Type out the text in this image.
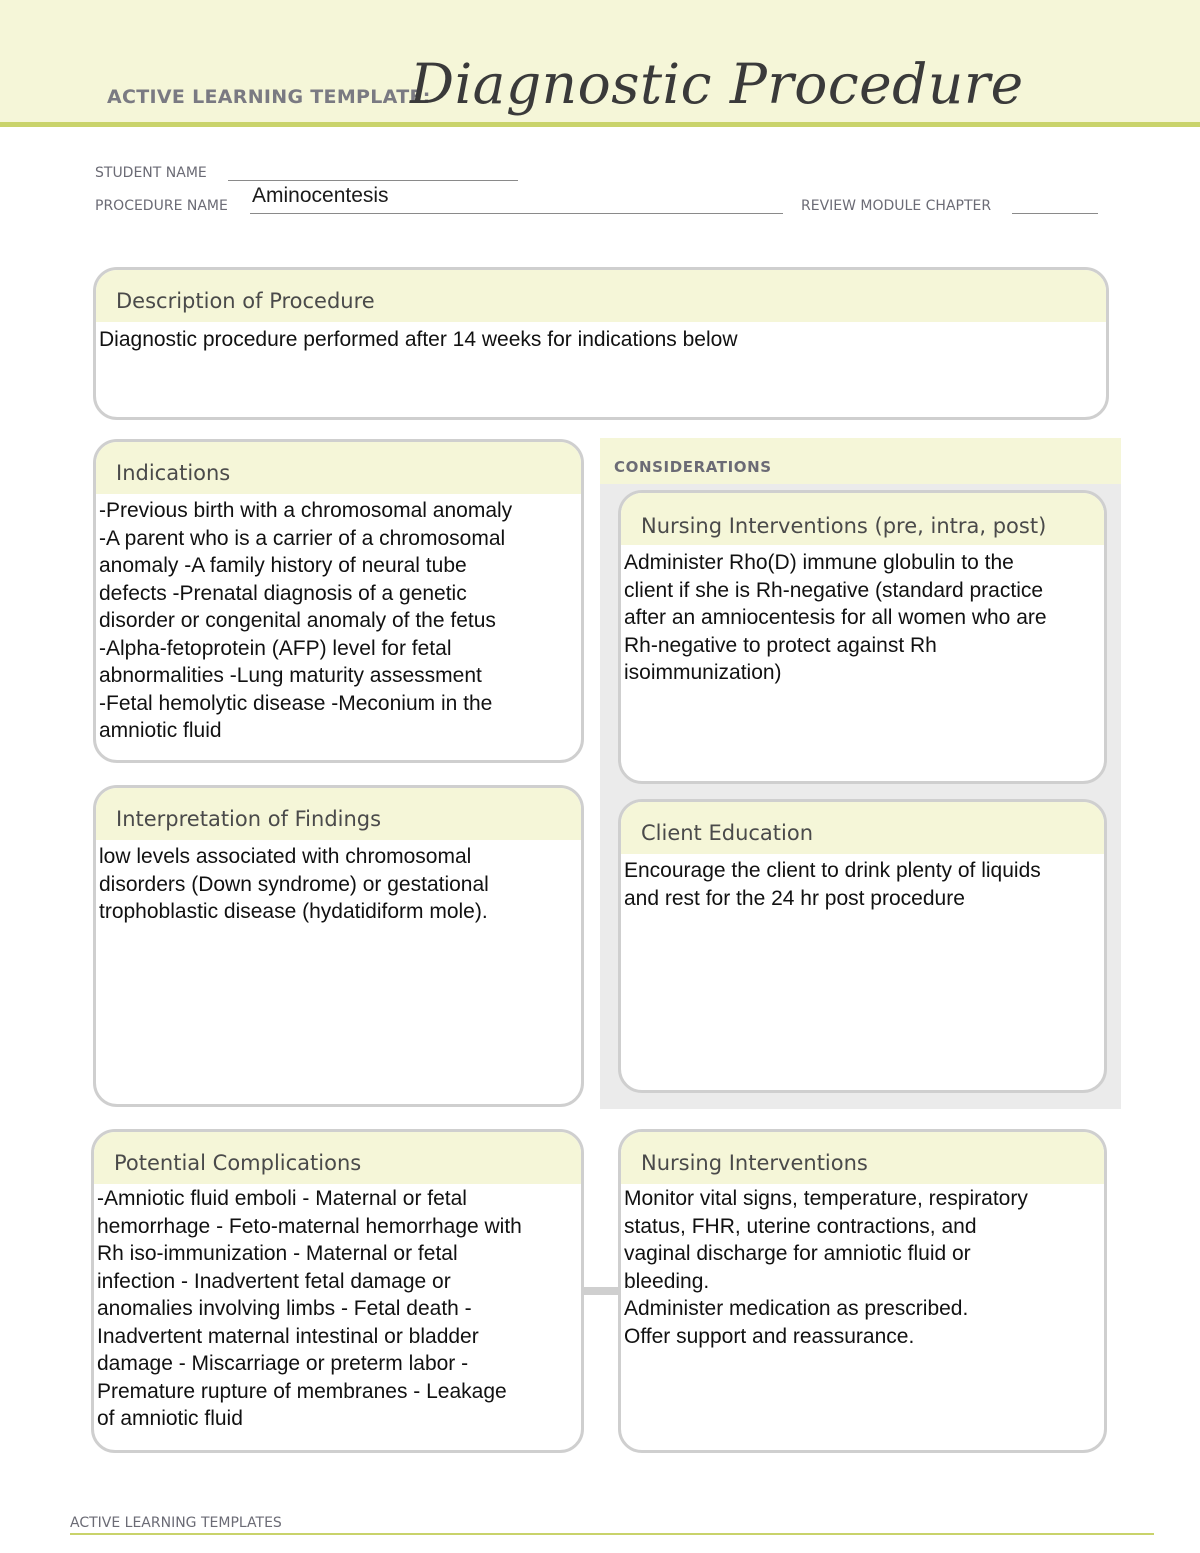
ACTIVE LEARNING TEMPLATE:
Diagnostic Procedure
STUDENT NAME
PROCEDURE NAME Aminocentesis	REVIEW MODULE CHAPTER
Description of Procedure
Diagnostic procedure performed after 14 weeks for indications below
CONSIDERATIONS
Indications
-Previous birth with a chromosomal anomaly
-A parent who is a carrier of a chromosomal
anomaly -A family history of neural tube
defects -Prenatal diagnosis of a genetic
disorder or congenital anomaly of the fetus
-Alpha-fetoprotein (AFP) level for fetal
abnormalities -Lung maturity assessment
-Fetal hemolytic disease -Meconium in the
amniotic fluid
Nursing Interventions (pre, intra, post)
Administer Rho(D) immune globulin to the
client if she is Rh-negative (standard practice
after an amniocentesis for all women who are
Rh-negative to protect against Rh
isoimmunization)
Interpretation of Findings
low levels associated with chromosomal
disorders (Down syndrome) or gestational
trophoblastic disease (hydatidiform mole).
Client Education
Encourage the client to drink plenty of liquids
and rest for the 24 hr post procedure
Potential Complications
-Amniotic fluid emboli - Maternal or fetal
hemorrhage - Feto-maternal hemorrhage with
Rh iso-immunization - Maternal or fetal
infection - Inadvertent fetal damage or
anomalies involving limbs - Fetal death -
Inadvertent maternal intestinal or bladder
damage - Miscarriage or preterm labor -
Premature rupture of membranes - Leakage
of amniotic fluid
Nursing Interventions
Monitor vital signs, temperature, respiratory
status, FHR, uterine contractions, and
vaginal discharge for amniotic fluid or
bleeding.
Administer medication as prescribed.
Offer support and reassurance.
ACTIVE LEARNING TEMPLATES
